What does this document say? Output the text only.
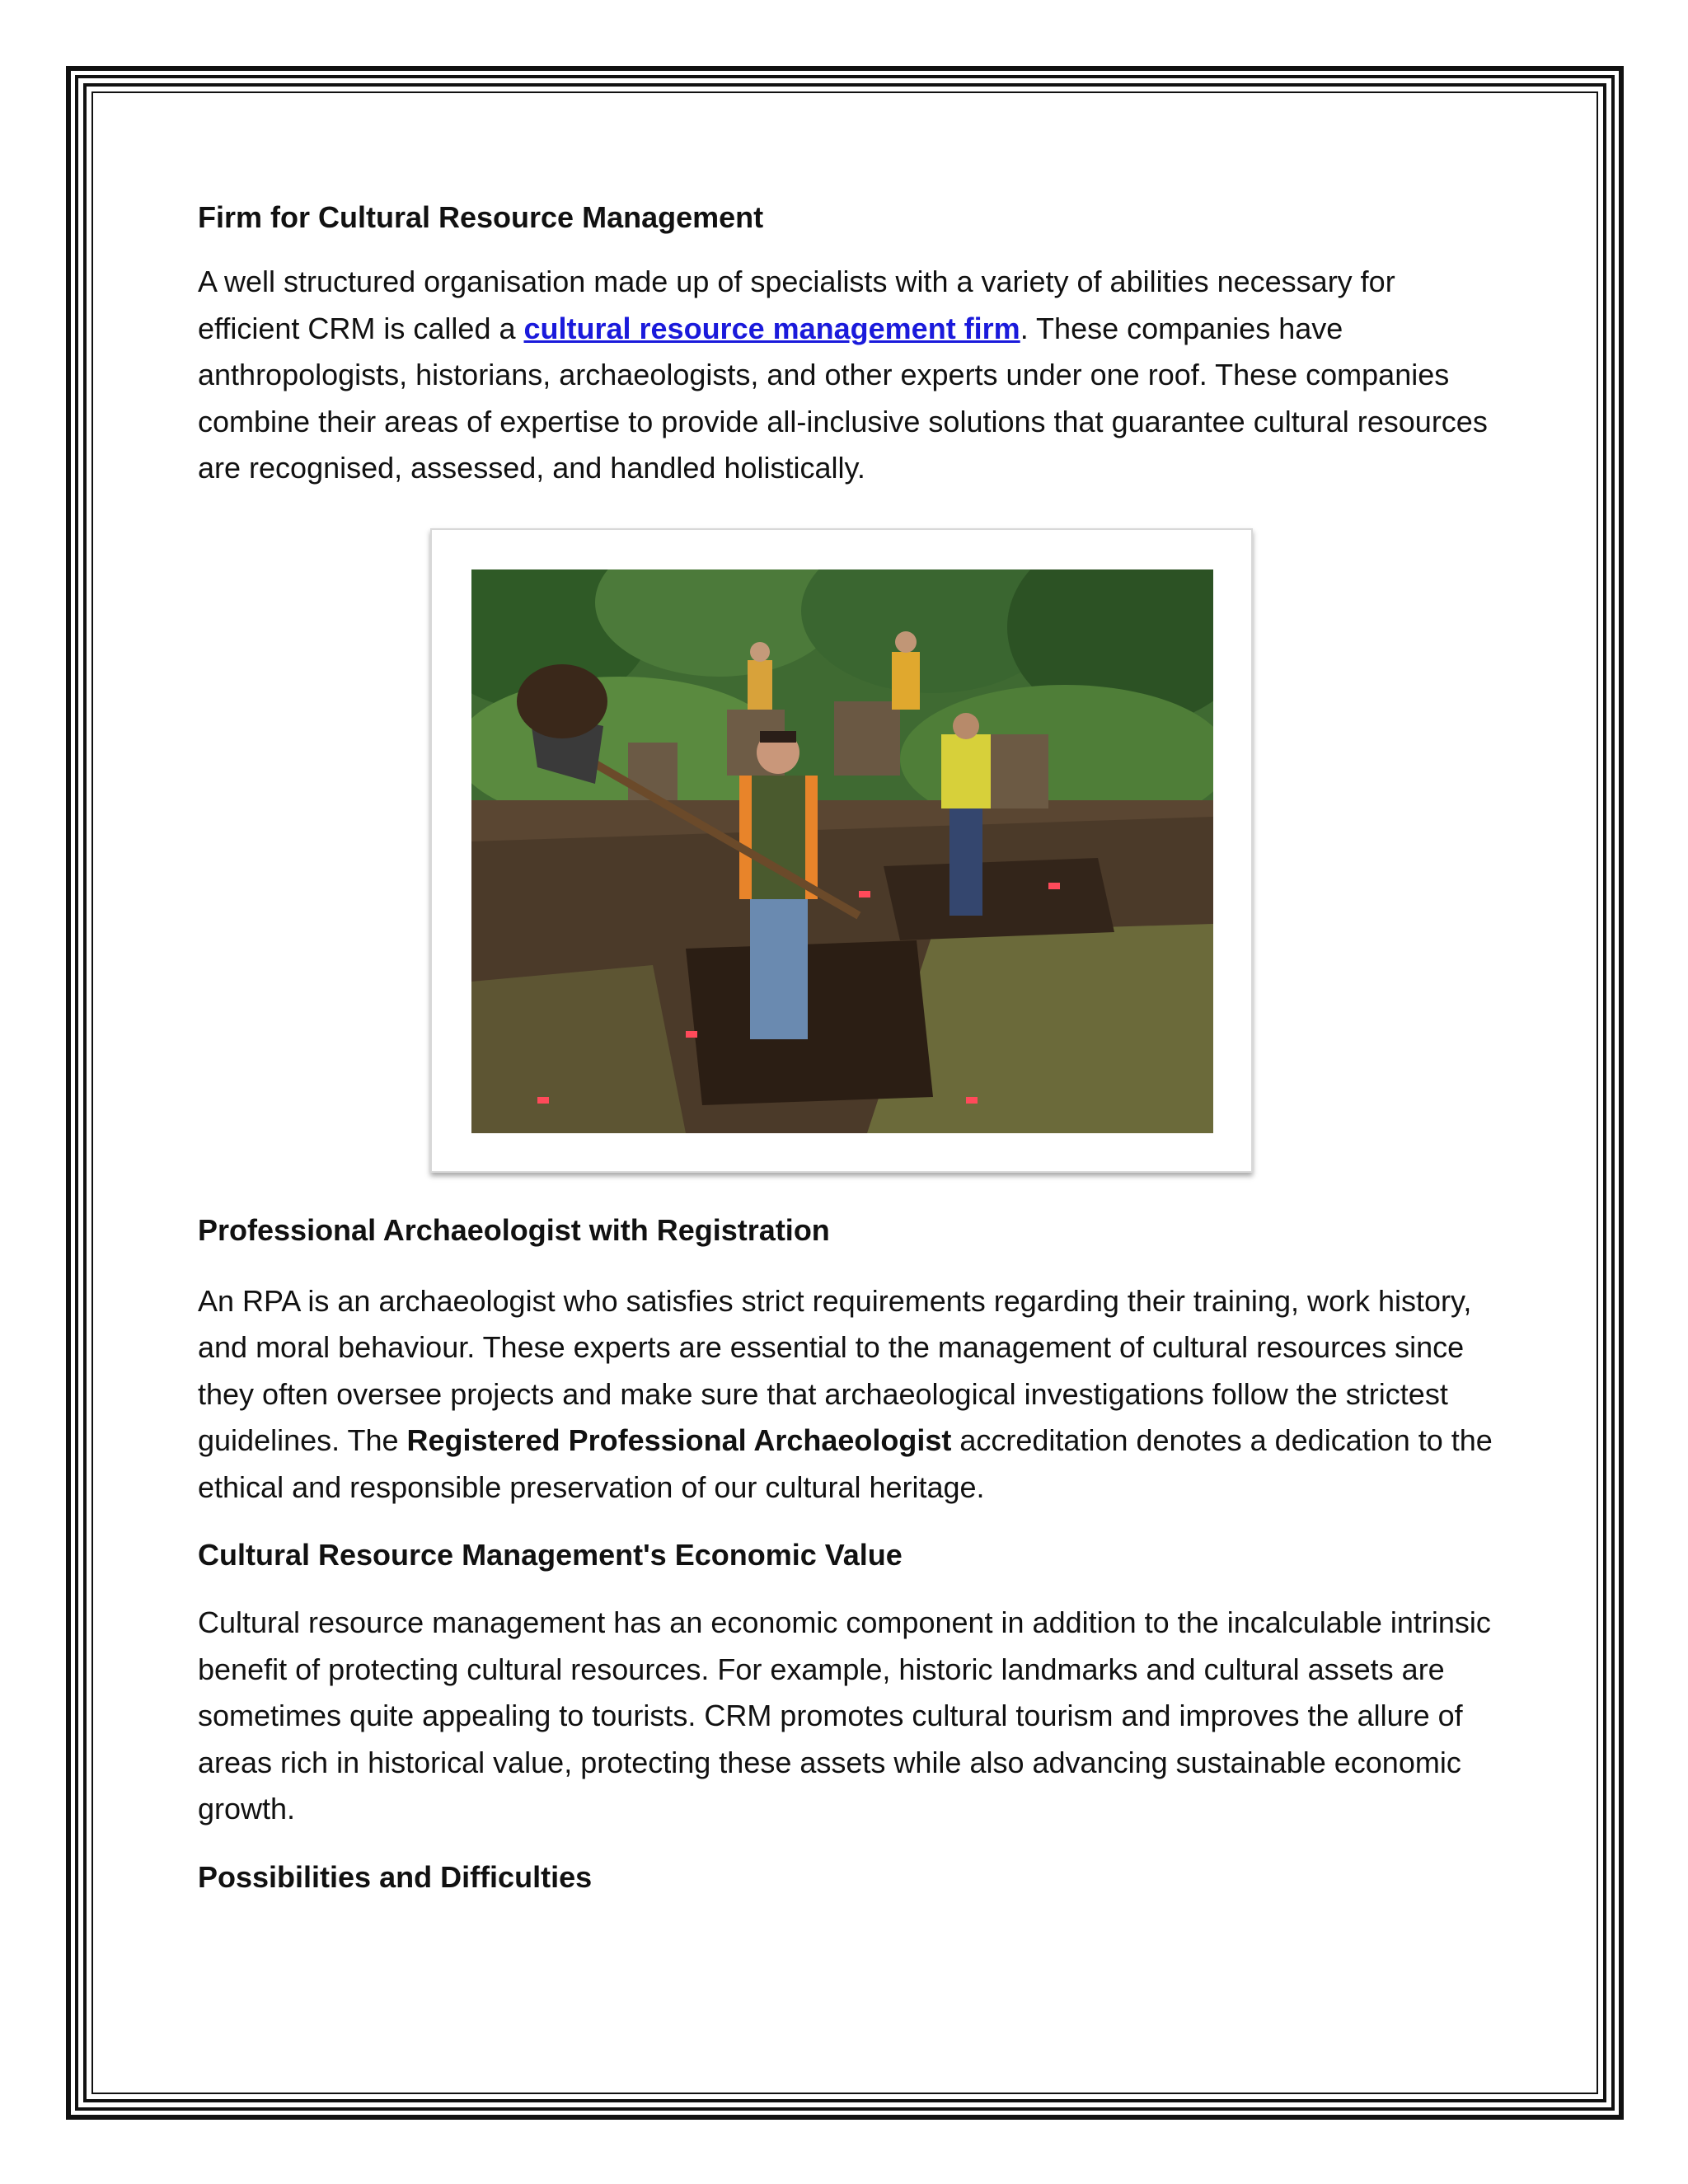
Firm for Cultural Resource Management

A well structured organisation made up of specialists with a variety of abilities necessary for efficient CRM is called a cultural resource management firm. These companies have anthropologists, historians, archaeologists, and other experts under one roof. These companies combine their areas of expertise to provide all-inclusive solutions that guarantee cultural resources are recognised, assessed, and handled holistically.

Professional Archaeologist with Registration

An RPA is an archaeologist who satisfies strict requirements regarding their training, work history, and moral behaviour. These experts are essential to the management of cultural resources since they often oversee projects and make sure that archaeological investigations follow the strictest guidelines. The Registered Professional Archaeologist accreditation denotes a dedication to the ethical and responsible preservation of our cultural heritage.

Cultural Resource Management's Economic Value

Cultural resource management has an economic component in addition to the incalculable intrinsic benefit of protecting cultural resources. For example, historic landmarks and cultural assets are sometimes quite appealing to tourists. CRM promotes cultural tourism and improves the allure of areas rich in historical value, protecting these assets while also advancing sustainable economic growth.

Possibilities and Difficulties
